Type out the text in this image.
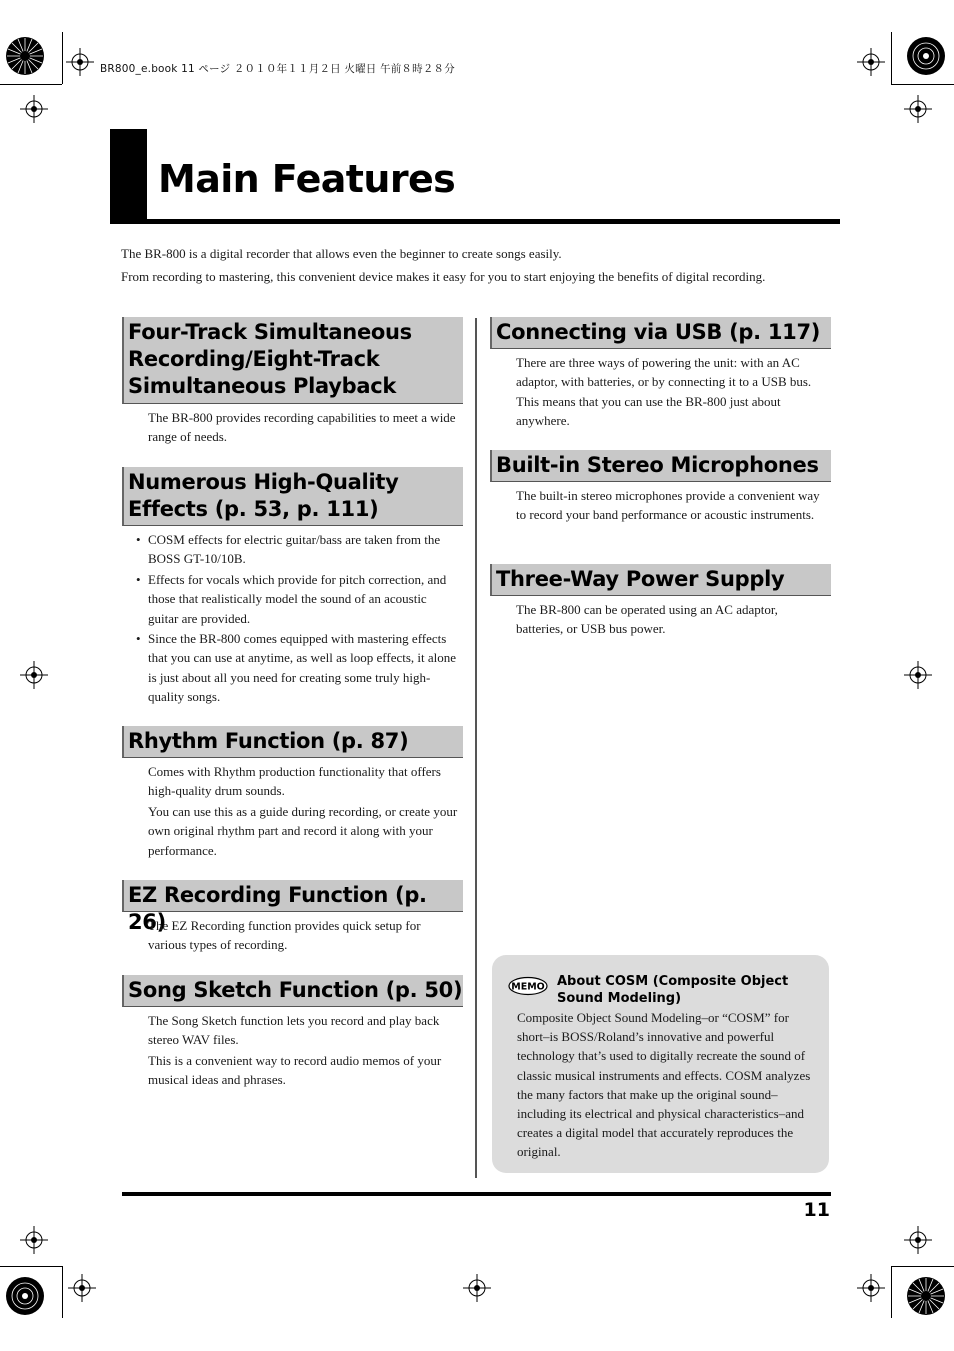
BR800_e.book 11 ページ ２０１０年１１月２日 火曜日 午前８時２８分
Main Features

The BR-800 is a digital recorder that allows even the beginner to create songs easily.

From recording to mastering, this convenient device makes it easy for you to start enjoying the benefits of digital recording.

Four-Track Simultaneous
Recording/Eight-Track
Simultaneous Playback

The BR-800 provides recording capabilities to meet a wide range of needs.

Numerous High-Quality
Effects (p. 53, p. 111)
• COSM effects for electric guitar/bass are taken from the BOSS GT-10/10B.
• Effects for vocals which provide for pitch correction, and those that realistically model the sound of an acoustic guitar are provided.
• Since the BR-800 comes equipped with mastering effects that you can use at anytime, as well as loop effects, it alone is just about all you need for creating some truly high-quality songs.
Rhythm Function (p. 87)

Comes with Rhythm production functionality that offers high-quality drum sounds.

You can use this as a guide during recording, or create your own original rhythm part and record it along with your performance.

EZ Recording Function (p. 26)

The EZ Recording function provides quick setup for various types of recording.

Song Sketch Function (p. 50)

The Song Sketch function lets you record and play back stereo WAV files.

This is a convenient way to record audio memos of your musical ideas and phrases.

Connecting via USB (p. 117)

There are three ways of powering the unit: with an AC adaptor, with batteries, or by connecting it to a USB bus. This means that you can use the BR-800 just about anywhere.

Built-in Stereo Microphones

The built-in stereo microphones provide a convenient way to record your band performance or acoustic instruments.

Three-Way Power Supply

The BR-800 can be operated using an AC adaptor, batteries, or USB bus power.

MEMO About COSM (Composite Object Sound Modeling)
Composite Object Sound Modeling–or “COSM” for short–is BOSS/Roland’s innovative and powerful technology that’s used to digitally recreate the sound of classic musical instruments and effects. COSM analyzes the many factors that make up the original sound–including its electrical and physical characteristics–and creates a digital model that accurately reproduces the original.
11
